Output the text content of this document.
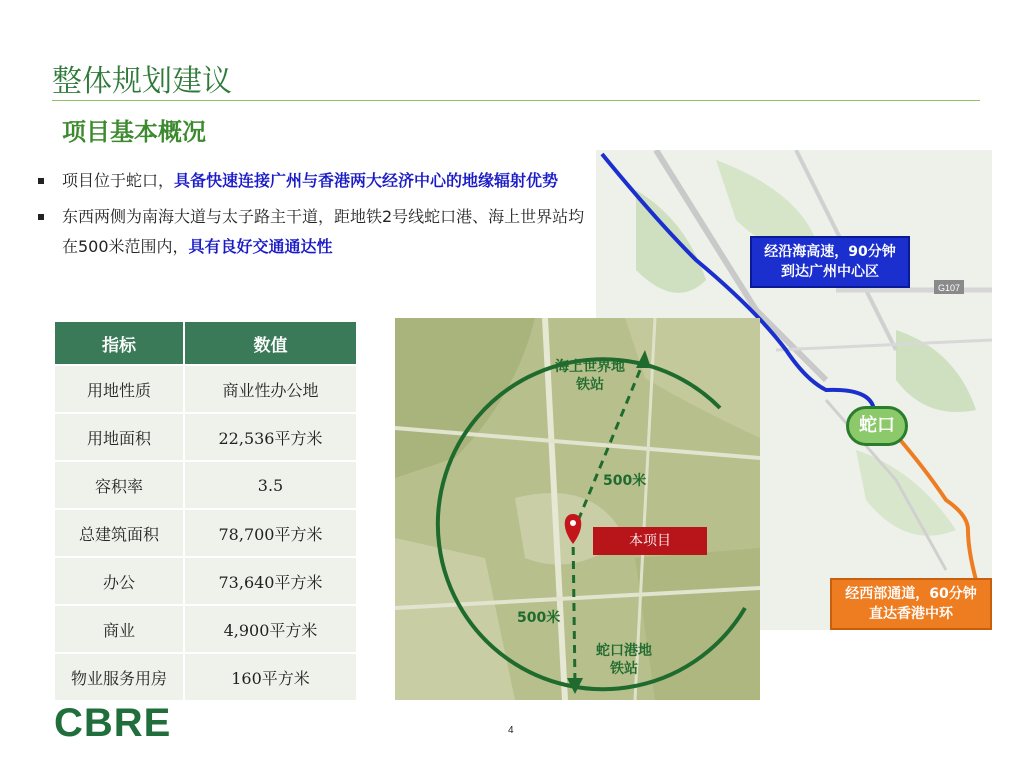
整体规划建议
项目基本概况
项目位于蛇口，具备快速连接广州与香港两大经济中心的地缘辐射优势
东西两侧为南海大道与太子路主干道，距地铁2号线蛇口港、海上世界站均在500米范围内，具有良好交通通达性
指标	数值
用地性质	商业性办公地
用地面积	22,536平方米
容积率	3.5
总建筑面积	78,700平方米
办公	73,640平方米
商业	4,900平方米
物业服务用房	160平方米
G107
经沿海高速，90分钟到达广州中心区
蛇口
经西部通道，60分钟直达香港中环
海上世界地铁站
蛇口港地铁站
500米
500米
本项目
CBRE	4
